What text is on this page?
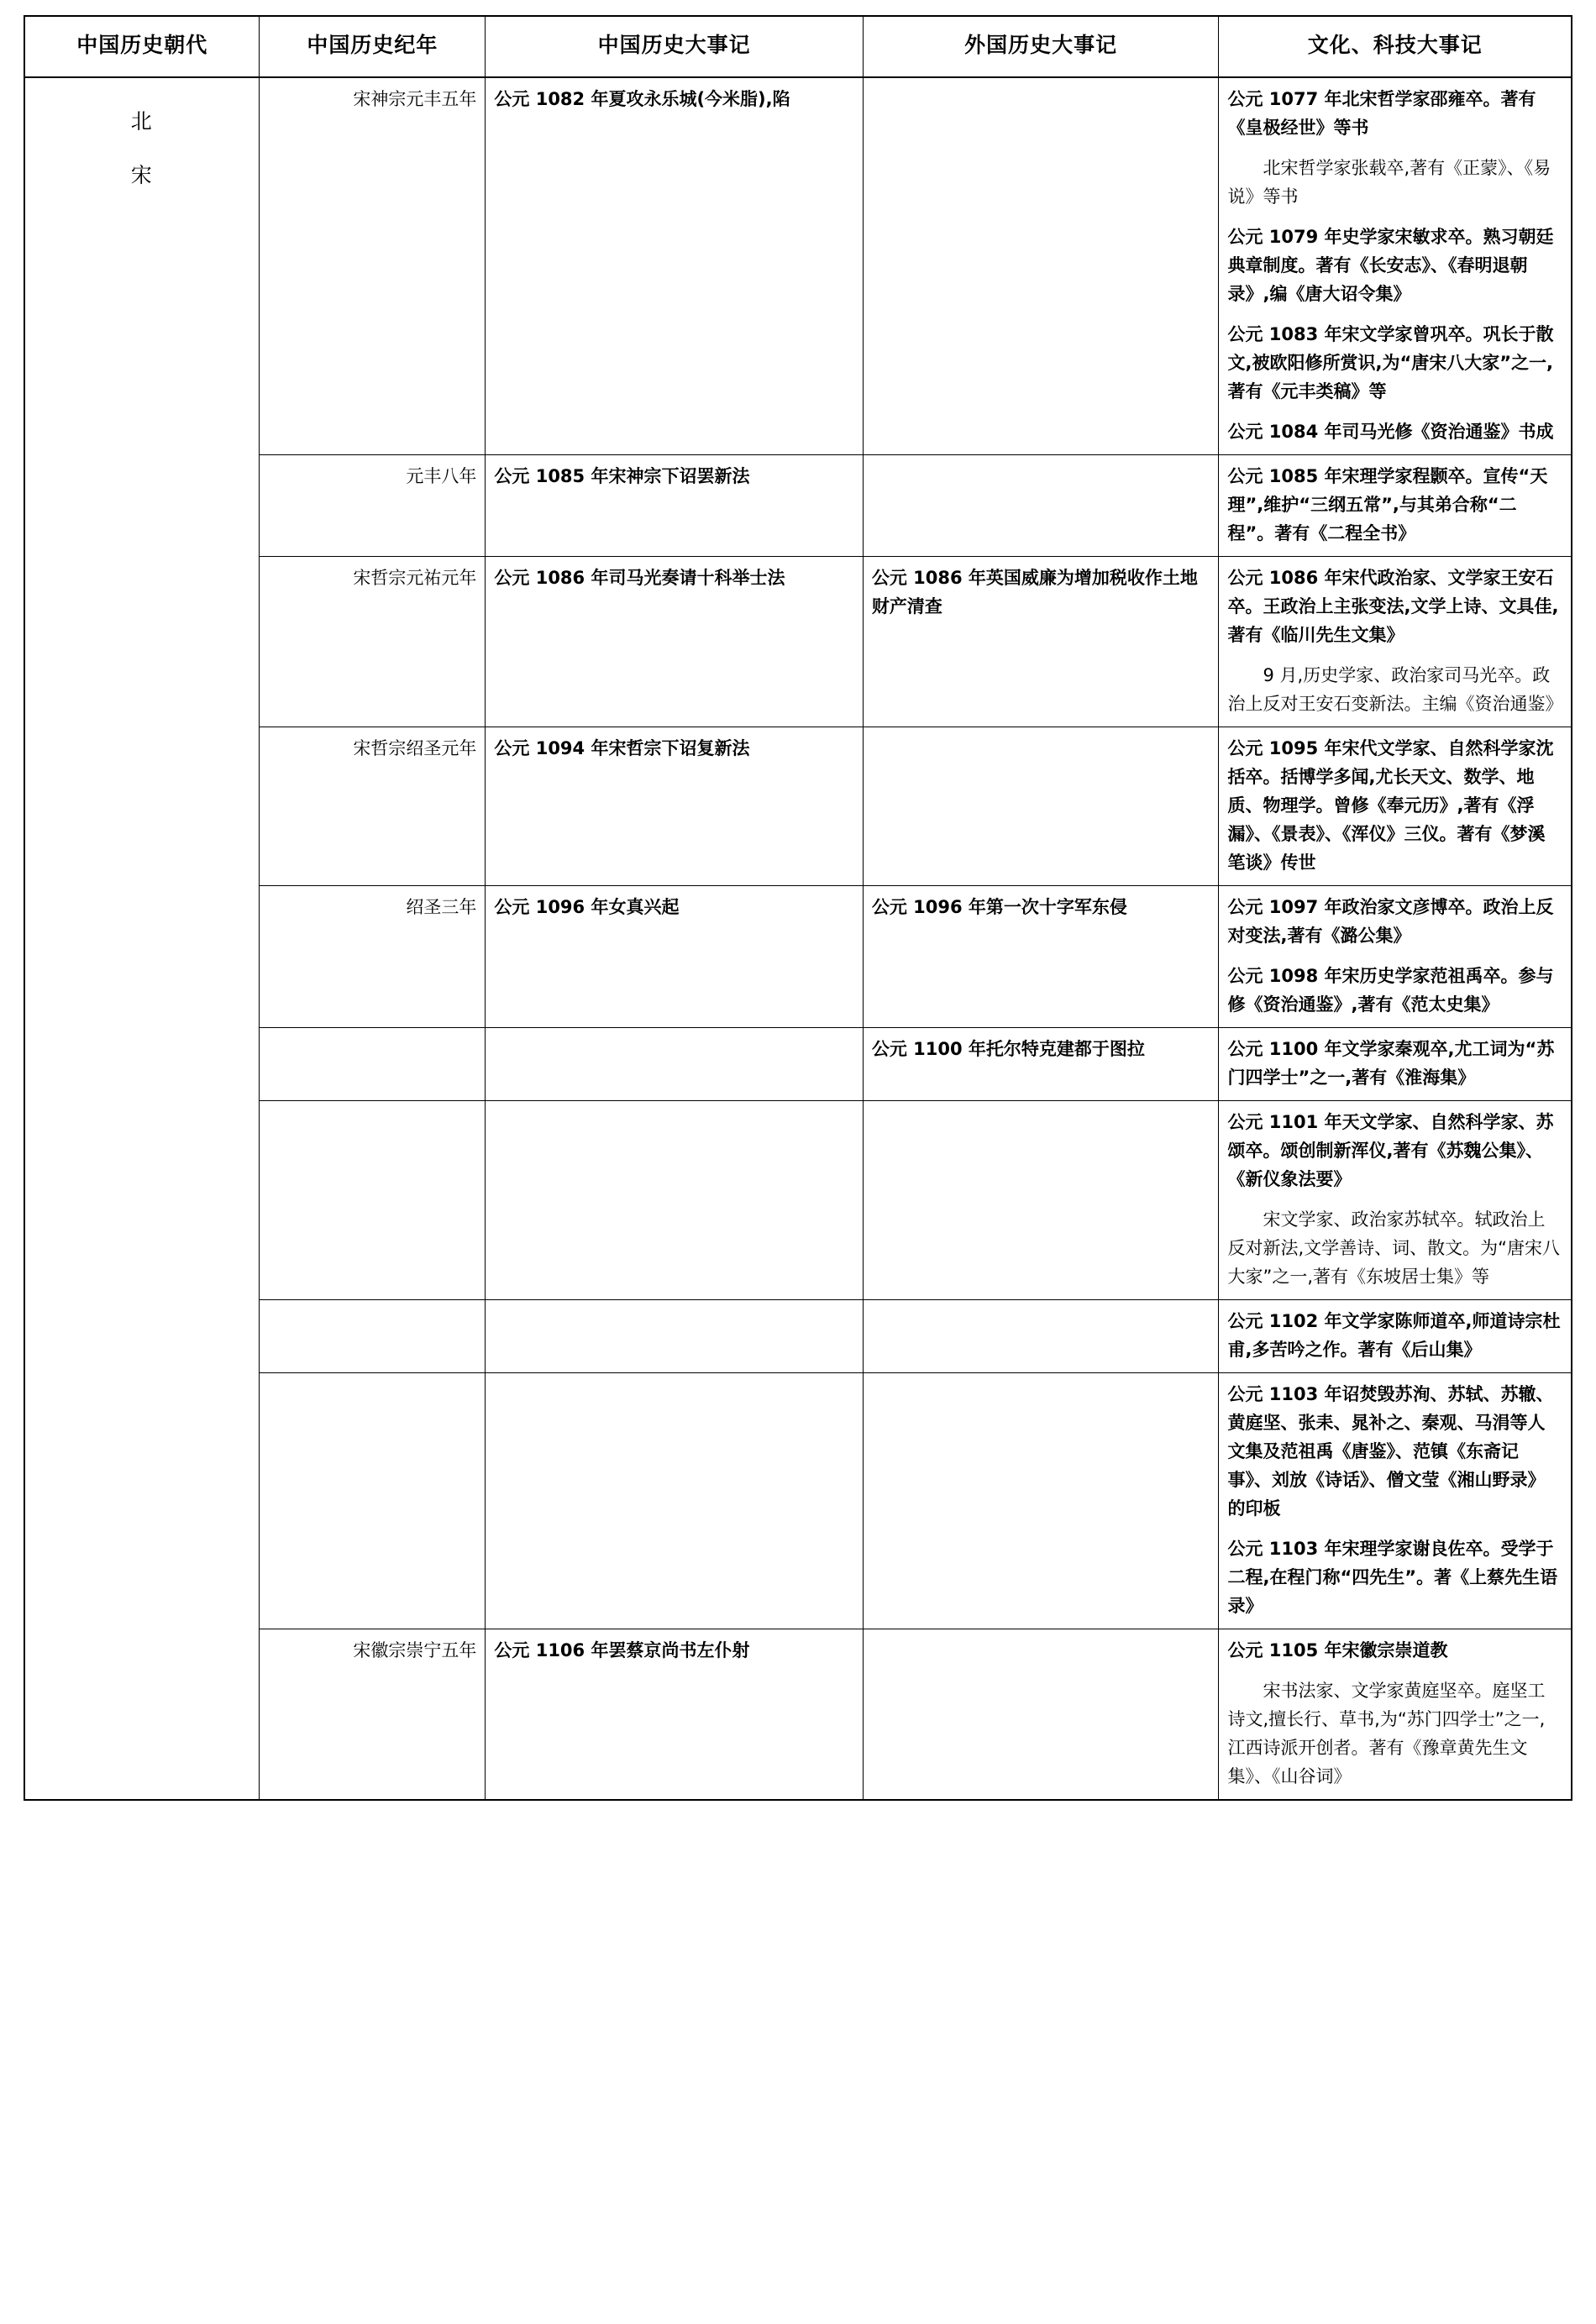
中国历史朝代	中国历史纪年	中国历史大事记	外国历史大事记	文化、科技大事记

北
宋
	宋神宗元丰五年	公元 1082 年夏攻永乐城(今米脂),陷		公元 1077 年北宋哲学家邵雍卒。著有《皇极经世》等书
北宋哲学家张载卒,著有《正蒙》、《易说》等书
公元 1079 年史学家宋敏求卒。熟习朝廷典章制度。著有《长安志》、《春明退朝录》,编《唐大诏令集》
公元 1083 年宋文学家曾巩卒。巩长于散文,被欧阳修所赏识,为“唐宋八大家”之一,著有《元丰类稿》等
公元 1084 年司马光修《资治通鉴》书成

	元丰八年	公元 1085 年宋神宗下诏罢新法		公元 1085 年宋理学家程颢卒。宣传“天理”,维护“三纲五常”,与其弟合称“二程”。著有《二程全书》

	宋哲宗元祐元年	公元 1086 年司马光奏请十科举士法	公元 1086 年英国威廉为增加税收作土地财产清查	公元 1086 年宋代政治家、文学家王安石卒。王政治上主张变法,文学上诗、文具佳,著有《临川先生文集》
9 月,历史学家、政治家司马光卒。政治上反对王安石变新法。主编《资治通鉴》

	宋哲宗绍圣元年	公元 1094 年宋哲宗下诏复新法		公元 1095 年宋代文学家、自然科学家沈括卒。括博学多闻,尤长天文、数学、地质、物理学。曾修《奉元历》,著有《浮漏》、《景表》、《浑仪》三仪。著有《梦溪笔谈》传世

	绍圣三年	公元 1096 年女真兴起	公元 1096 年第一次十字军东侵	公元 1097 年政治家文彦博卒。政治上反对变法,著有《潞公集》
公元 1098 年宋历史学家范祖禹卒。参与修《资治通鉴》,著有《范太史集》

			公元 1100 年托尔特克建都于图拉	公元 1100 年文学家秦观卒,尤工词为“苏门四学士”之一,著有《淮海集》

				公元 1101 年天文学家、自然科学家、苏颂卒。颂创制新浑仪,著有《苏魏公集》、《新仪象法要》
宋文学家、政治家苏轼卒。轼政治上反对新法,文学善诗、词、散文。为“唐宋八大家”之一,著有《东坡居士集》等

				公元 1102 年文学家陈师道卒,师道诗宗杜甫,多苦吟之作。著有《后山集》

				公元 1103 年诏焚毁苏洵、苏轼、苏辙、黄庭坚、张耒、晁补之、秦观、马涓等人文集及范祖禹《唐鉴》、范镇《东斋记事》、刘放《诗话》、僧文莹《湘山野录》的印板
公元 1103 年宋理学家谢良佐卒。受学于二程,在程门称“四先生”。著《上蔡先生语录》

	宋徽宗崇宁五年	公元 1106 年罢蔡京尚书左仆射		公元 1105 年宋徽宗崇道教
宋书法家、文学家黄庭坚卒。庭坚工诗文,擅长行、草书,为“苏门四学士”之一,江西诗派开创者。著有《豫章黄先生文集》、《山谷词》
